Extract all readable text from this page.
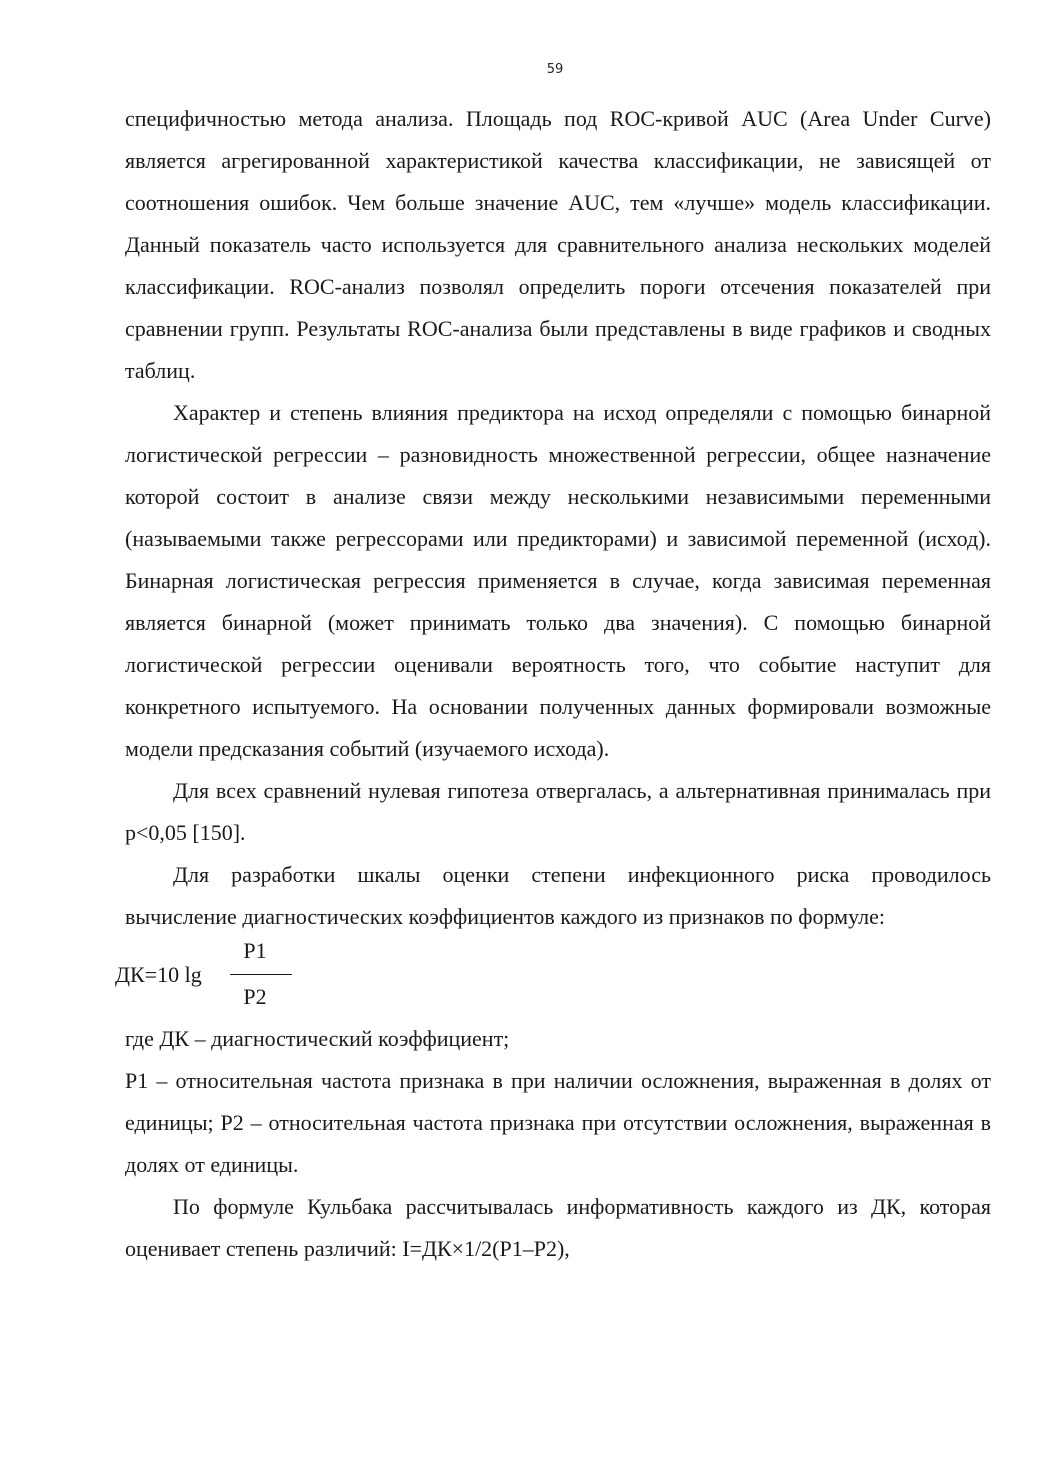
59

специфичностью метода анализа. Площадь под ROC-кривой AUC (Area Under Curve) является агрегированной характеристикой качества классификации, не зависящей от соотношения ошибок. Чем больше значение AUC, тем «лучше» модель классификации. Данный показатель часто используется для сравнительного анализа нескольких моделей классификации. ROC-анализ позволял определить пороги отсечения показателей при сравнении групп. Результаты ROC-анализа были представлены в виде графиков и сводных таблиц.

Характер и степень влияния предиктора на исход определяли с помощью бинарной логистической регрессии – разновидность множественной регрессии, общее назначение которой состоит в анализе связи между несколькими независимыми переменными (называемыми также регрессорами или предикторами) и зависимой переменной (исход). Бинарная логистическая регрессия применяется в случае, когда зависимая переменная является бинарной (может принимать только два значения). С помощью бинарной логистической регрессии оценивали вероятность того, что событие наступит для конкретного испытуемого. На основании полученных данных формировали возможные модели предсказания событий (изучаемого исхода).

Для всех сравнений нулевая гипотеза отвергалась, а альтернативная принималась при p<0,05 [150].

Для разработки шкалы оценки степени инфекционного риска проводилось вычисление диагностических коэффициентов каждого из признаков по формуле:

ДК=10 lg
Р1
Р2

где ДК – диагностический коэффициент;

Р1 – относительная частота признака в при наличии осложнения, выраженная в долях от единицы; Р2 – относительная частота признака при отсутствии осложнения, выраженная в долях от единицы.

По формуле Кульбака рассчитывалась информативность каждого из ДК, которая оценивает степень различий: I=ДК×1/2(Р1–Р2),
